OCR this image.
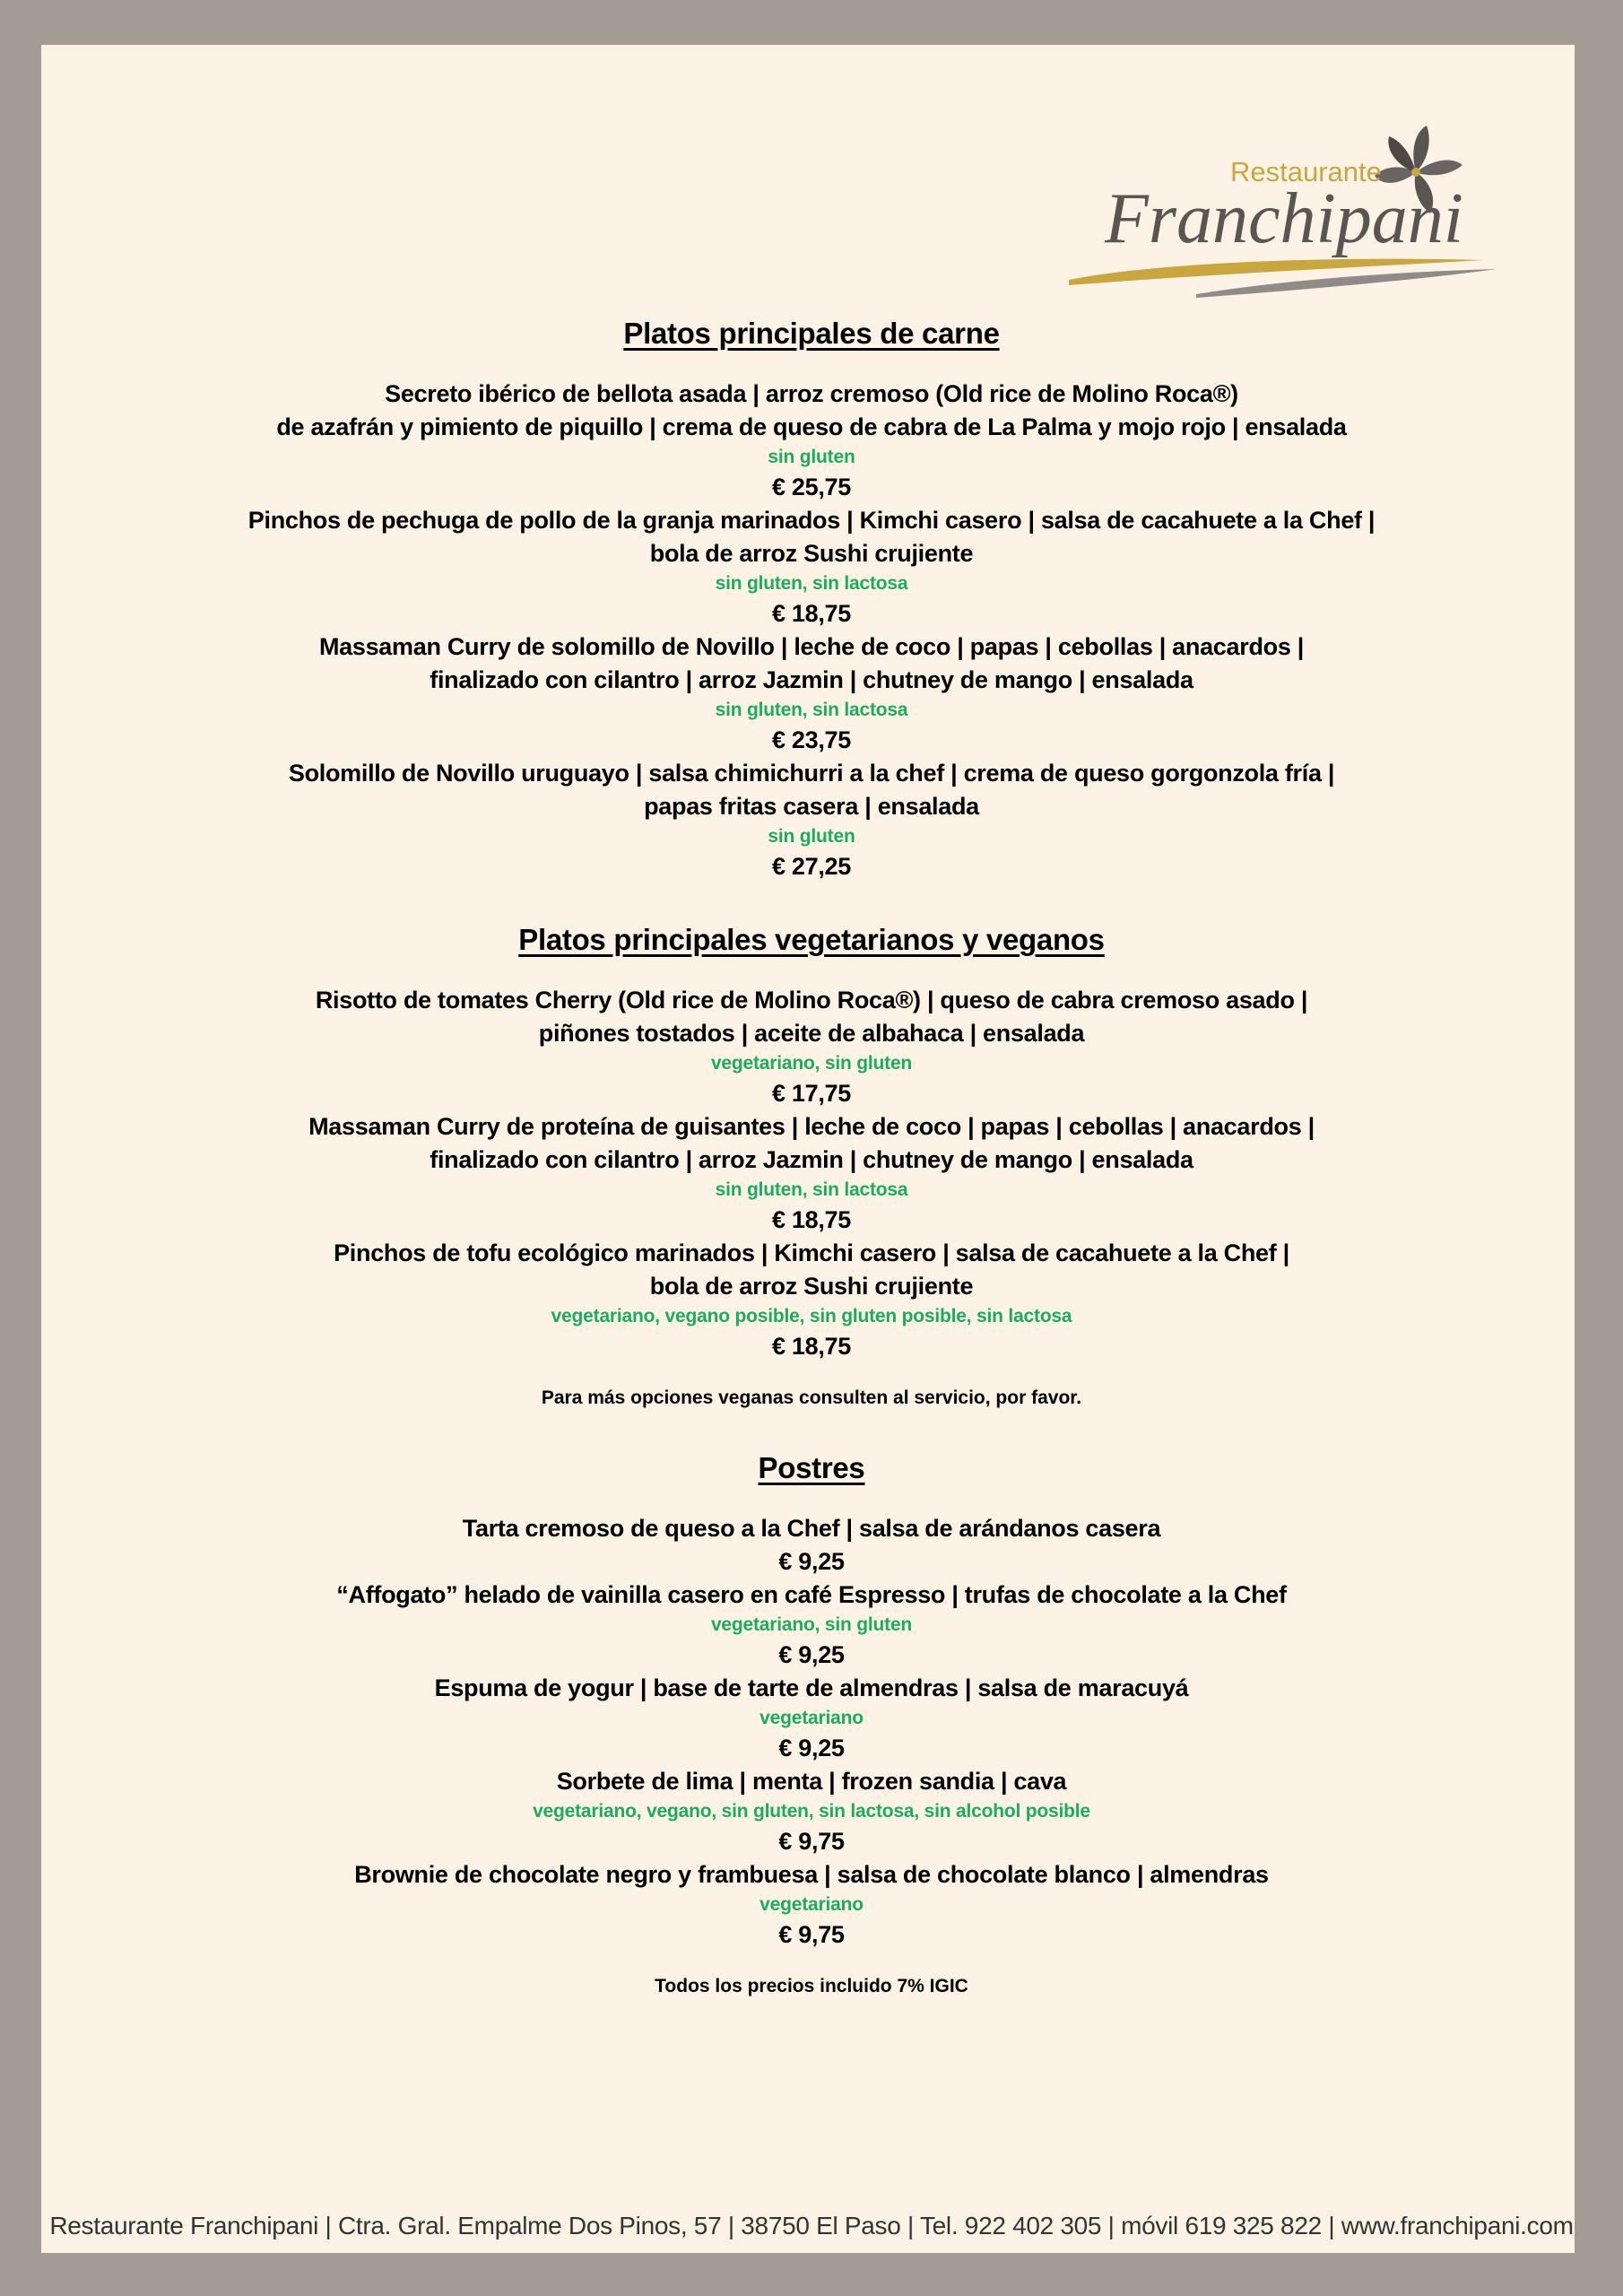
Restaurante
Franchipani
Platos principales de carne
Secreto ibérico de bellota asada | arroz cremoso (Old rice de Molino Roca®)
de azafrán y pimiento de piquillo | crema de queso de cabra de La Palma y mojo rojo | ensalada
sin gluten
€ 25,75
Pinchos de pechuga de pollo de la granja marinados | Kimchi casero | salsa de cacahuete a la Chef |
bola de arroz Sushi crujiente
sin gluten, sin lactosa
€ 18,75
Massaman Curry de solomillo de Novillo | leche de coco | papas | cebollas | anacardos |
finalizado con cilantro | arroz Jazmin | chutney de mango | ensalada
sin gluten, sin lactosa
€ 23,75
Solomillo de Novillo uruguayo | salsa chimichurri a la chef | crema de queso gorgonzola fría |
papas fritas casera | ensalada
sin gluten
€ 27,25
Platos principales vegetarianos y veganos
Risotto de tomates Cherry (Old rice de Molino Roca®) | queso de cabra cremoso asado |
piñones tostados | aceite de albahaca | ensalada
vegetariano, sin gluten
€ 17,75
Massaman Curry de proteína de guisantes | leche de coco | papas | cebollas | anacardos |
finalizado con cilantro | arroz Jazmin | chutney de mango | ensalada
sin gluten, sin lactosa
€ 18,75
Pinchos de tofu ecológico marinados | Kimchi casero | salsa de cacahuete a la Chef |
bola de arroz Sushi crujiente
vegetariano, vegano posible, sin gluten posible, sin lactosa
€ 18,75
Para más opciones veganas consulten al servicio, por favor.
Postres
Tarta cremoso de queso a la Chef | salsa de arándanos casera
€ 9,25
“Affogato” helado de vainilla casero en café Espresso | trufas de chocolate a la Chef
vegetariano, sin gluten
€ 9,25
Espuma de yogur | base de tarte de almendras | salsa de maracuyá
vegetariano
€ 9,25
Sorbete de lima | menta | frozen sandia | cava
vegetariano, vegano, sin gluten, sin lactosa, sin alcohol posible
€ 9,75
Brownie de chocolate negro y frambuesa | salsa de chocolate blanco | almendras
vegetariano
€ 9,75
Todos los precios incluido 7% IGIC
Restaurante Franchipani | Ctra. Gral. Empalme Dos Pinos, 57 | 38750 El Paso | Tel. 922 402 305 | móvil 619 325 822 | www.franchipani.com
